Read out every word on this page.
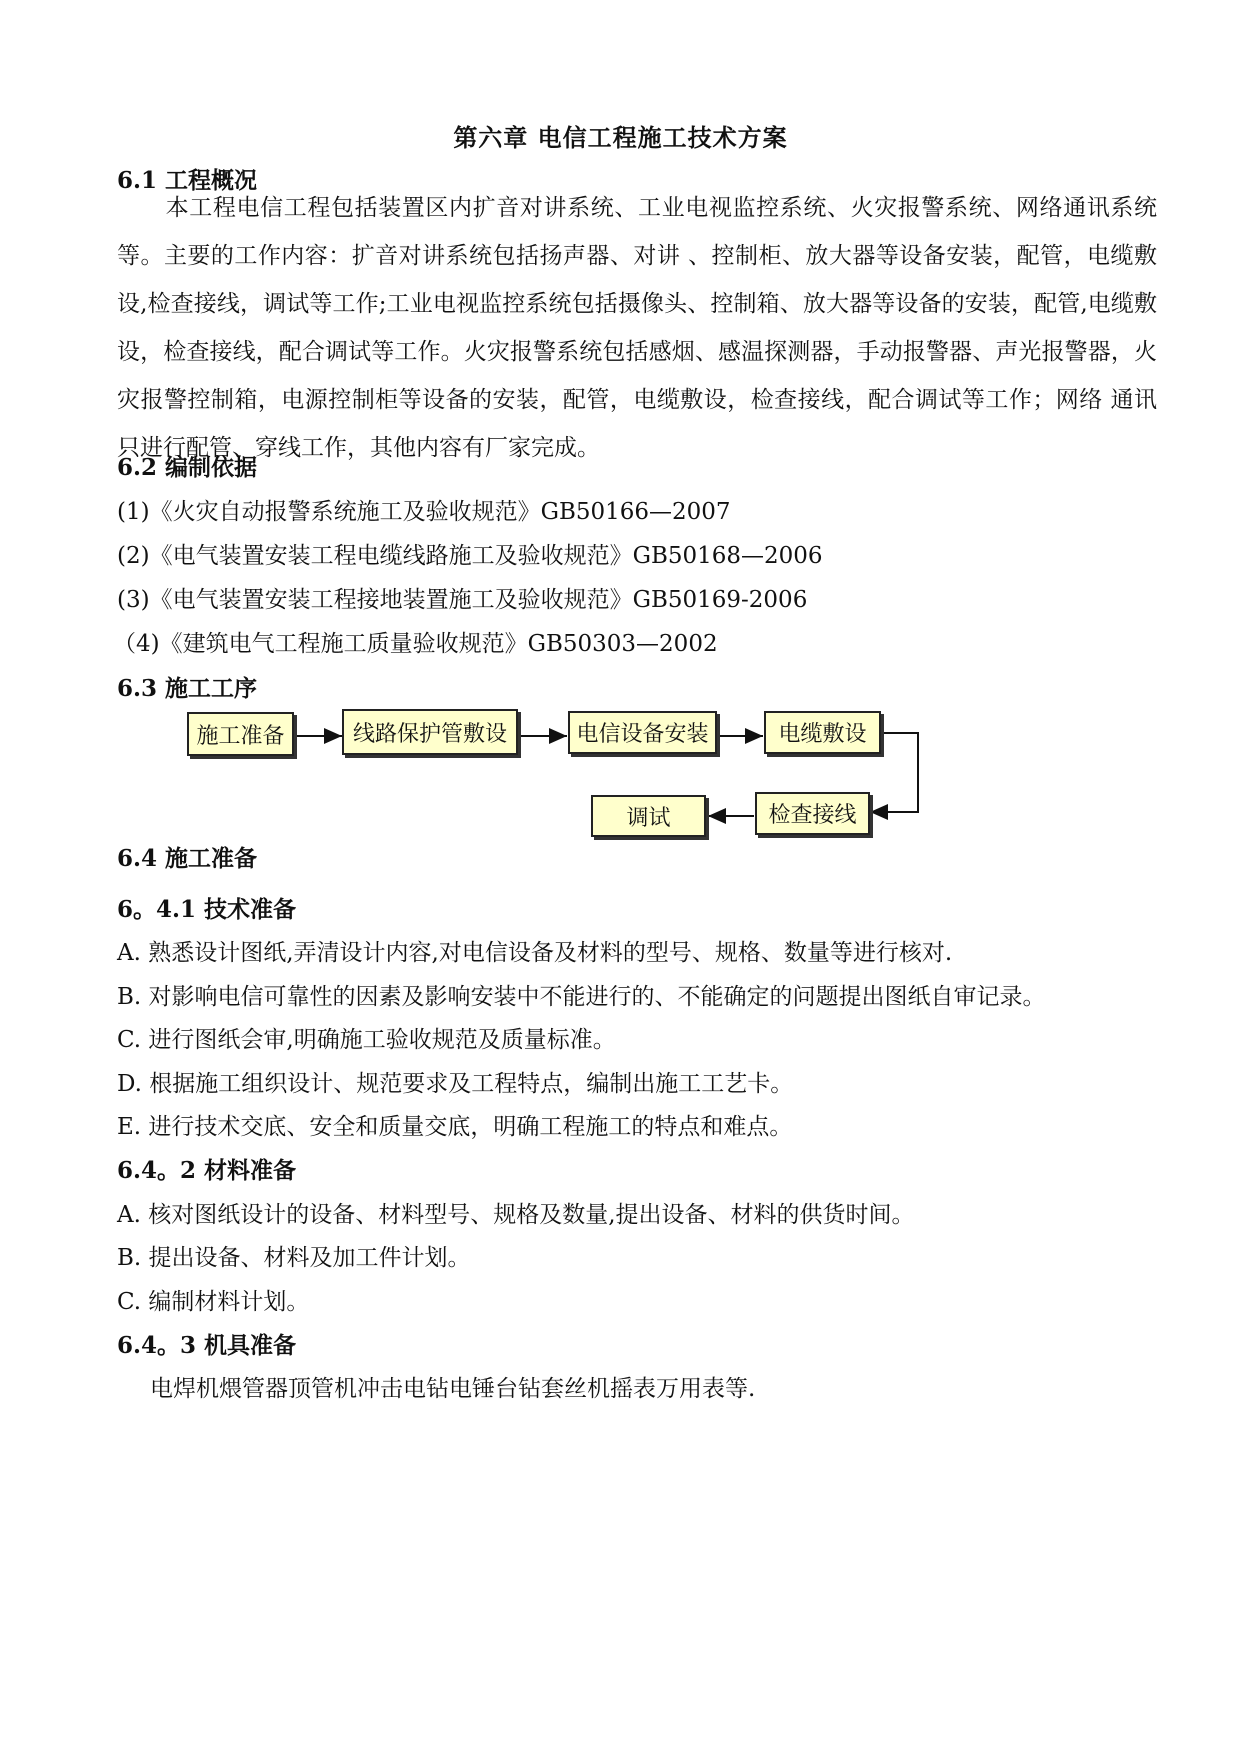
第六章 电信工程施工技术方案
6.1 工程概况
本工程电信工程包括装置区内扩音对讲系统、工业电视监控系统、火灾报警系统、网络通讯系统等。主要的工作内容：扩音对讲系统包括扬声器、对讲 、控制柜、放大器等设备安装，配管，电缆敷设,检查接线，调试等工作;工业电视监控系统包括摄像头、控制箱、放大器等设备的安装，配管,电缆敷设，检查接线，配合调试等工作。火灾报警系统包括感烟、感温探测器，手动报警器、声光报警器，火灾报警控制箱，电源控制柜等设备的安装，配管，电缆敷设，检查接线，配合调试等工作；网络 通讯只进行配管、穿线工作，其他内容有厂家完成。
6.2 编制依据
(1)《火灾自动报警系统施工及验收规范》GB50166—2007
(2)《电气装置安装工程电缆线路施工及验收规范》GB50168—2006
(3)《电气装置安装工程接地装置施工及验收规范》GB50169-2006
（4)《建筑电气工程施工质量验收规范》GB50303—2002
6.3 施工工序
施工准备	线路保护管敷设	电信设备安装	电缆敷设
检查接线
调试
6.4 施工准备
6。4.1 技术准备
A. 熟悉设计图纸,弄清设计内容,对电信设备及材料的型号、规格、数量等进行核对.
B. 对影响电信可靠性的因素及影响安装中不能进行的、不能确定的问题提出图纸自审记录。
C. 进行图纸会审,明确施工验收规范及质量标准。
D. 根据施工组织设计、规范要求及工程特点，编制出施工工艺卡。
E. 进行技术交底、安全和质量交底，明确工程施工的特点和难点。
6.4。2 材料准备
A. 核对图纸设计的设备、材料型号、规格及数量,提出设备、材料的供货时间。
B. 提出设备、材料及加工件计划。
C. 编制材料计划。
6.4。3 机具准备
电焊机煨管器顶管机冲击电钻电锤台钻套丝机摇表万用表等.
